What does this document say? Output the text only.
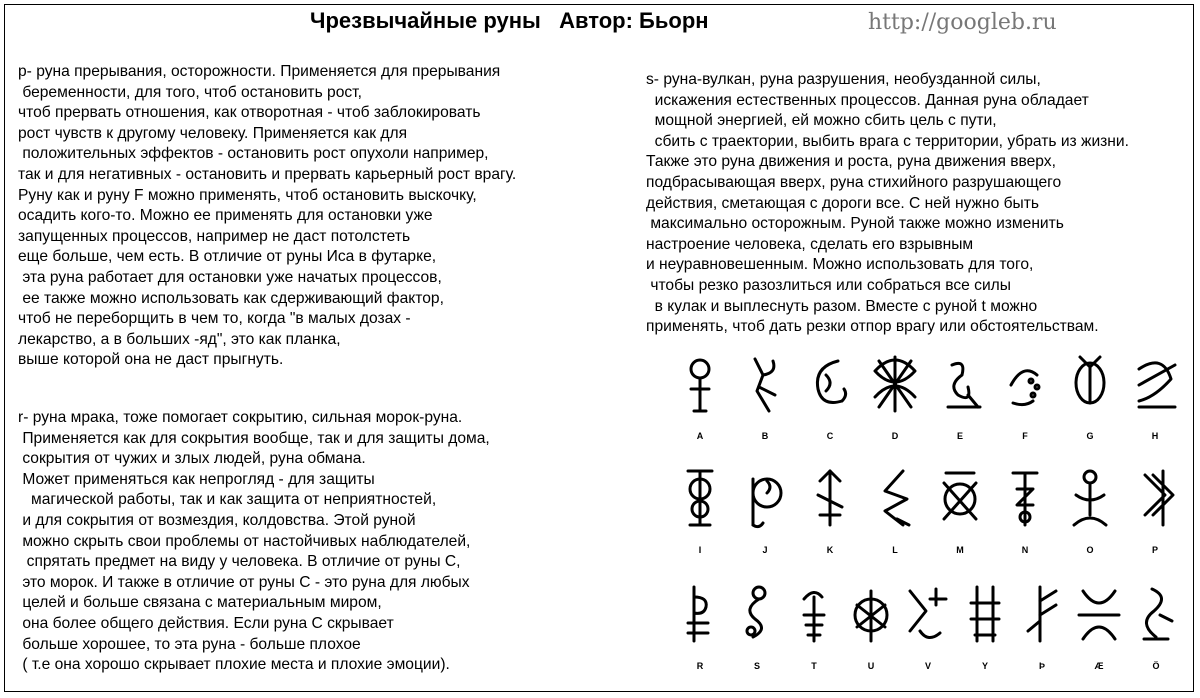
Чрезвычайные руны   Автор: Бьорн	http://googleb.ru
р- руна прерывания, осторожности. Применяется для прерывания
беременности, для того, чтоб остановить рост,
чтоб прервать отношения, как отворотная - чтоб заблокировать
рост чувств к другому человеку. Применяется как для
положительных эффектов - остановить рост опухоли например,
так и для негативных - остановить и прервать карьерный рост врагу.
Руну как и руну F можно применять, чтоб остановить выскочку,
осадить кого-то. Можно ее применять для остановки уже
запущенных процессов, например не даст потолстеть
еще больше, чем есть. В отличие от руны Иса в футарке,
эта руна работает для остановки уже начатых процессов,
ее также можно использовать как сдерживающий фактор,
чтоб не переборщить в чем то, когда "в малых дозах -
лекарство, а в больших -яд", это как планка,
выше которой она не даст прыгнуть.
r- руна мрака, тоже помогает сокрытию, сильная морок-руна.
Применяется как для сокрытия вообще, так и для защиты дома,
сокрытия от чужих и злых людей, руна обмана.
Может применяться как непрогляд - для защиты
магической работы, так и как защита от неприятностей,
и для сокрытия от возмездия, колдовства. Этой руной
можно скрыть свои проблемы от настойчивых наблюдателей,
спрятать предмет на виду у человека. В отличие от руны С,
это морок. И также в отличие от руны С - это руна для любых
целей и больше связана с материальным миром,
она более общего действия. Если руна С скрывает
больше хорошее, то эта руна - больше плохое
( т.е она хорошо скрывает плохие места и плохие эмоции).
s- руна-вулкан, руна разрушения, необузданной силы,
искажения естественных процессов. Данная руна обладает
мощной энергией, ей можно сбить цель с пути,
сбить с траектории, выбить врага с территории, убрать из жизни.
Также это руна движения и роста, руна движения вверх,
подбрасывающая вверх, руна стихийного разрушающего
действия, сметающая с дороги все. С ней нужно быть
максимально осторожным. Руной также можно изменить
настроение человека, сделать его взрывным
и неуравновешенным. Можно использовать для того,
чтобы резко разозлиться или собраться все силы
в кулак и выплеснуть разом. Вместе с руной t можно
применять, чтоб дать резки отпор врагу или обстоятельствам.
A	B	C	D	E	F	G	H
I	J	K	L	M	N	O	P
R	S	T	U	V	Y	Þ	Æ	Ö
